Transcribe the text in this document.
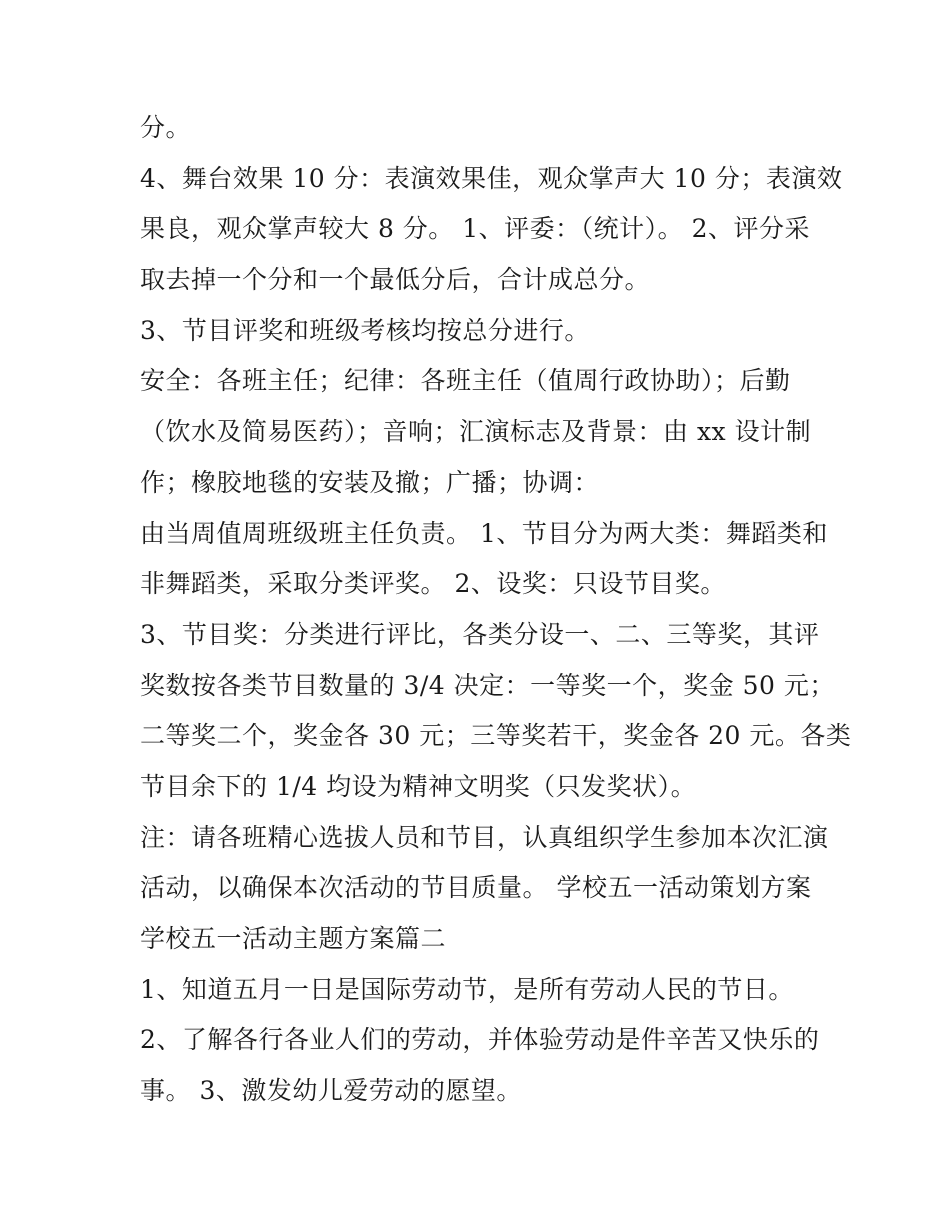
分。
4、舞台效果 10 分：表演效果佳，观众掌声大 10 分；表演效
果良，观众掌声较大 8 分。 1、评委：（统计）。 2、评分采
取去掉一个分和一个最低分后，合计成总分。
3、节目评奖和班级考核均按总分进行。
安全：各班主任；纪律：各班主任（值周行政协助）；后勤
（饮水及简易医药）；音响；汇演标志及背景：由 xx 设计制
作；橡胶地毯的安装及撤；广播；协调：
由当周值周班级班主任负责。 1、节目分为两大类：舞蹈类和
非舞蹈类，采取分类评奖。 2、设奖：只设节目奖。
3、节目奖：分类进行评比，各类分设一、二、三等奖，其评
奖数按各类节目数量的 3/4 决定：一等奖一个，奖金 50 元；
二等奖二个，奖金各 30 元；三等奖若干，奖金各 20 元。各类
节目余下的 1/4 均设为精神文明奖（只发奖状）。
注：请各班精心选拔人员和节目，认真组织学生参加本次汇演
活动，以确保本次活动的节目质量。 学校五一活动策划方案
学校五一活动主题方案篇二
1、知道五月一日是国际劳动节，是所有劳动人民的节日。
2、了解各行各业人们的劳动，并体验劳动是件辛苦又快乐的
事。 3、激发幼儿爱劳动的愿望。
